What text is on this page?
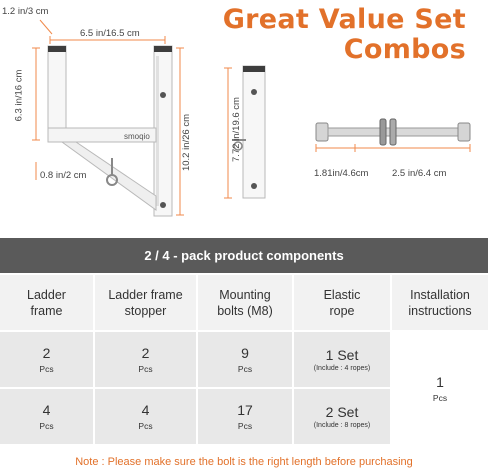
smoqio
1.2 in/3 cm
6.5 in/16.5 cm
6.3 in/16 cm
10.2 in/26 cm
0.8 in/2 cm
7.72 in/19.6 cm
1.81in/4.6cm 2.5 in/6.4 cm
Great Value Set
Combos
2 / 4 - pack product components
Ladder
frame
Ladder frame
stopper
Mounting
bolts (M8)
Elastic
rope
Installation
instructions
2
Pcs
2
Pcs
9
Pcs
1 Set
(Include : 4 ropes)
4
Pcs
4
Pcs
17
Pcs
2 Set
(Include : 8 ropes)
1
Pcs
Note : Please make sure the bolt is the right length before purchasing
